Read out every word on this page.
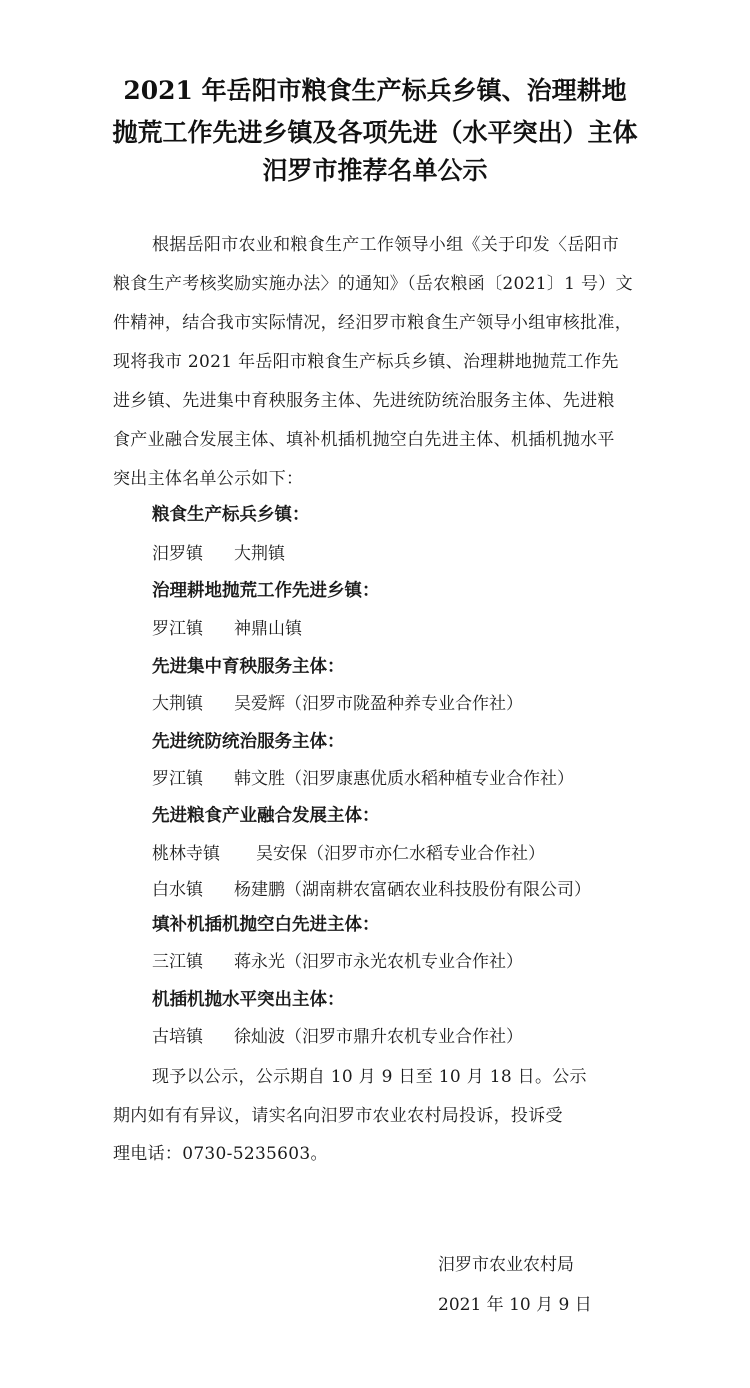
2021 年岳阳市粮食生产标兵乡镇、治理耕地
抛荒工作先进乡镇及各项先进（水平突出）主体
汨罗市推荐名单公示
根据岳阳市农业和粮食生产工作领导小组《关于印发〈岳阳市
粮食生产考核奖励实施办法〉的通知》（岳农粮函〔2021〕1 号）文
件精神，结合我市实际情况，经汨罗市粮食生产领导小组审核批准，
现将我市 2021 年岳阳市粮食生产标兵乡镇、治理耕地抛荒工作先
进乡镇、先进集中育秧服务主体、先进统防统治服务主体、先进粮
食产业融合发展主体、填补机插机抛空白先进主体、机插机抛水平
突出主体名单公示如下：
粮食生产标兵乡镇：
汨罗镇 大荆镇
治理耕地抛荒工作先进乡镇：
罗江镇 神鼎山镇
先进集中育秧服务主体：
大荆镇 吴爱辉（汨罗市陇盈种养专业合作社）
先进统防统治服务主体：
罗江镇 韩文胜（汨罗康惠优质水稻种植专业合作社）
先进粮食产业融合发展主体：
桃林寺镇 吴安保（汨罗市亦仁水稻专业合作社）
白水镇 杨建鹏（湖南耕农富硒农业科技股份有限公司）
填补机插机抛空白先进主体：
三江镇 蒋永光（汨罗市永光农机专业合作社）
机插机抛水平突出主体：
古培镇 徐灿波（汨罗市鼎升农机专业合作社）
现予以公示，公示期自 10 月 9 日至 10 月 18 日。公示
期内如有有异议，请实名向汨罗市农业农村局投诉，投诉受
理电话：0730-5235603。
汨罗市农业农村局
2021 年 10 月 9 日
